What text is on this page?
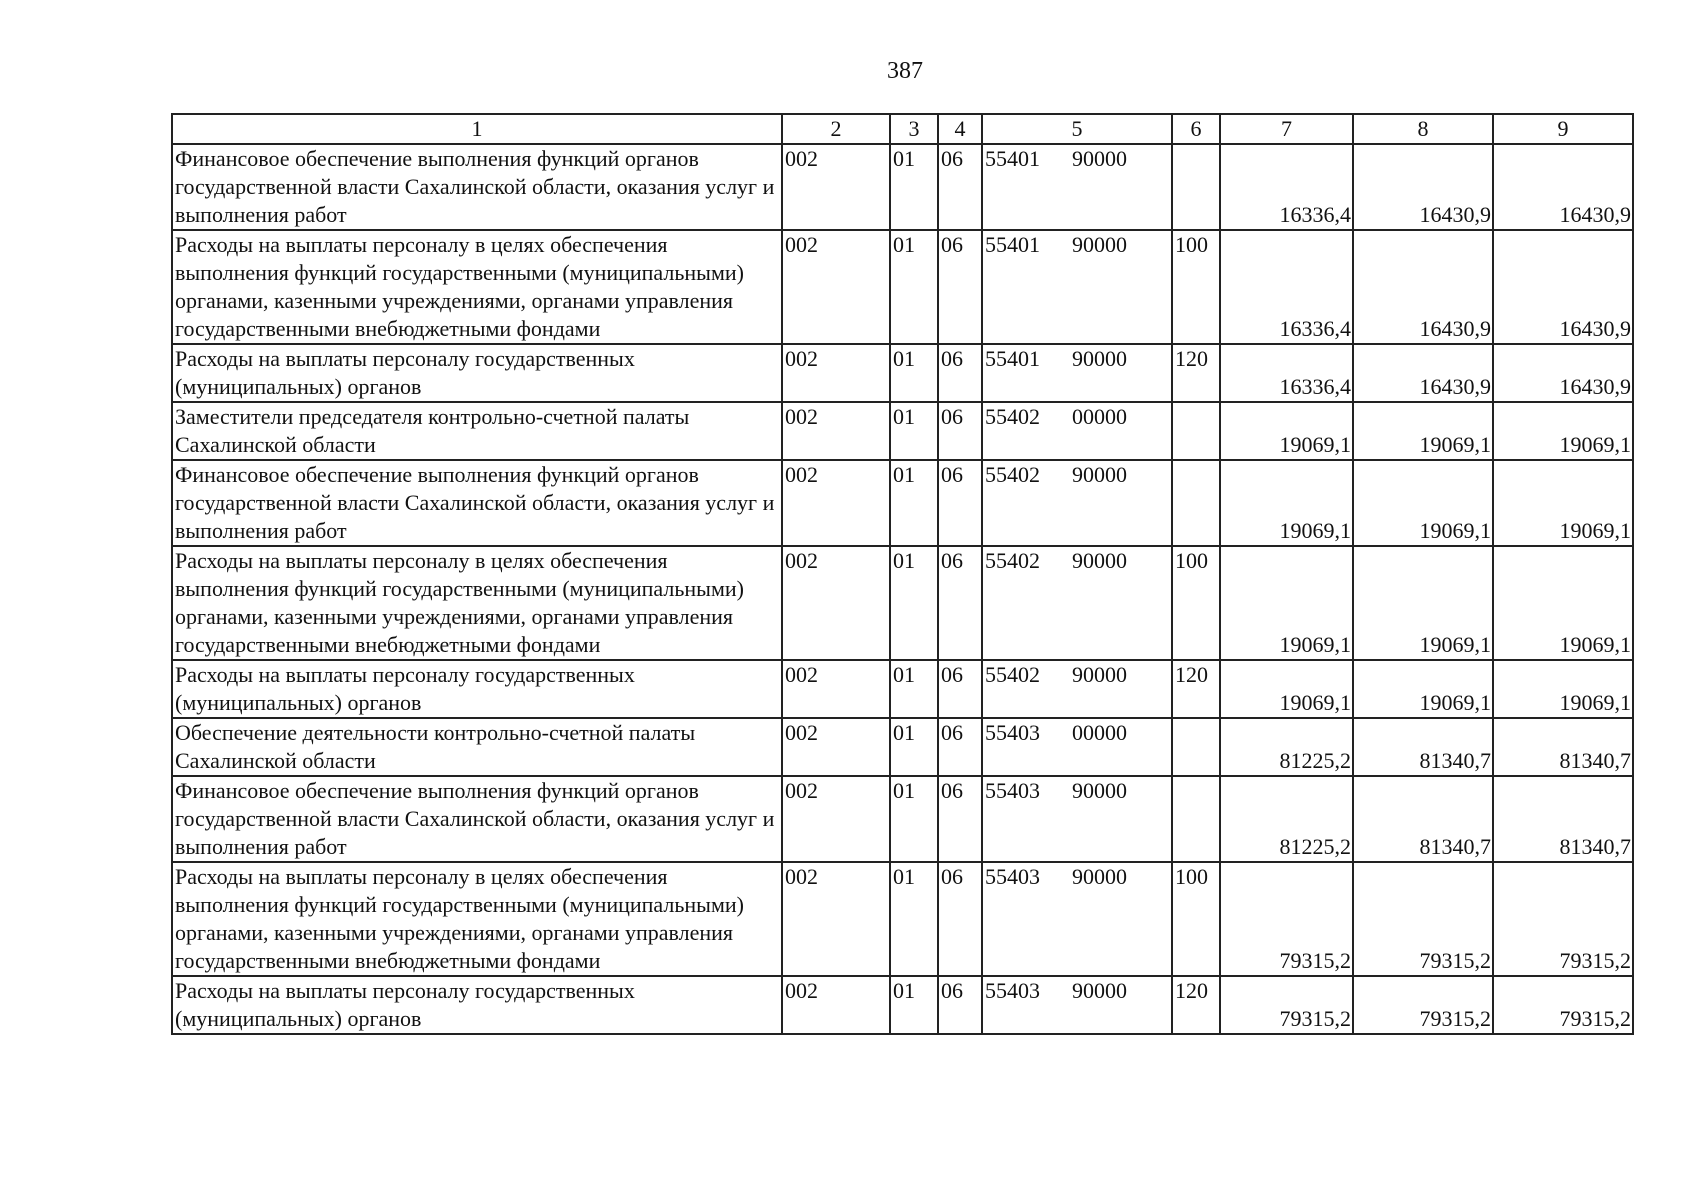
387
1	2	3	4	5	6	7	8	9
Финансовое обеспечение выполнения функций органов государственной власти Сахалинской области, оказания услуг и выполнения работ	002	01	06	55401 90000		16336,4	16430,9	16430,9
Расходы на выплаты персоналу в целях обеспечения выполнения функций государственными (муниципальными) органами, казенными учреждениями, органами управления государственными внебюджетными фондами	002	01	06	55401 90000	100	16336,4	16430,9	16430,9
Расходы на выплаты персоналу государственных (муниципальных) органов	002	01	06	55401 90000	120	16336,4	16430,9	16430,9
Заместители председателя контрольно-счетной палаты Сахалинской области	002	01	06	55402 00000		19069,1	19069,1	19069,1
Финансовое обеспечение выполнения функций органов государственной власти Сахалинской области, оказания услуг и выполнения работ	002	01	06	55402 90000		19069,1	19069,1	19069,1
Расходы на выплаты персоналу в целях обеспечения выполнения функций государственными (муниципальными) органами, казенными учреждениями, органами управления государственными внебюджетными фондами	002	01	06	55402 90000	100	19069,1	19069,1	19069,1
Расходы на выплаты персоналу государственных (муниципальных) органов	002	01	06	55402 90000	120	19069,1	19069,1	19069,1
Обеспечение деятельности контрольно-счетной палаты Сахалинской области	002	01	06	55403 00000		81225,2	81340,7	81340,7
Финансовое обеспечение выполнения функций органов государственной власти Сахалинской области, оказания услуг и выполнения работ	002	01	06	55403 90000		81225,2	81340,7	81340,7
Расходы на выплаты персоналу в целях обеспечения выполнения функций государственными (муниципальными) органами, казенными учреждениями, органами управления государственными внебюджетными фондами	002	01	06	55403 90000	100	79315,2	79315,2	79315,2
Расходы на выплаты персоналу государственных (муниципальных) органов	002	01	06	55403 90000	120	79315,2	79315,2	79315,2
